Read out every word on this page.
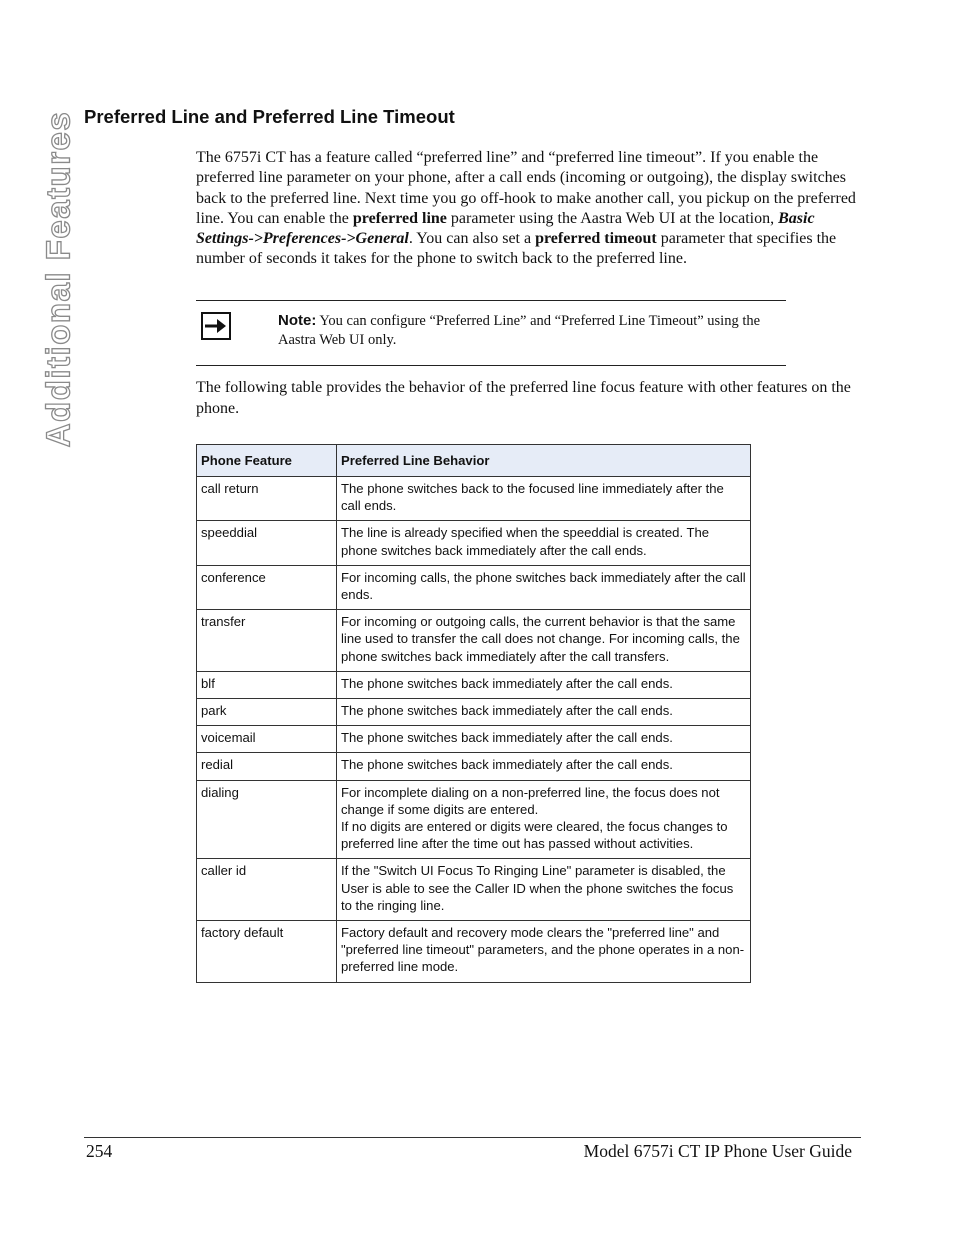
Additional Features Preferred Line and Preferred Line Timeout

The 6757i CT has a feature called “preferred line” and “preferred line timeout”. If you enable the preferred line parameter on your phone, after a call ends (incoming or outgoing), the display switches back to the preferred line. Next time you go off-hook to make another call, you pickup on the preferred line. You can enable the preferred line parameter using the Aastra Web UI at the location, Basic Settings->Preferences->General. You can also set a preferred timeout parameter that specifies the number of seconds it takes for the phone to switch back to the preferred line.

Note: You can configure “Preferred Line” and “Preferred Line Timeout” using the Aastra Web UI only.

The following table provides the behavior of the preferred line focus feature with other features on the phone.

Phone Feature	Preferred Line Behavior
call return	The phone switches back to the focused line immediately after the call ends.
speeddial	The line is already specified when the speeddial is created. The phone switches back immediately after the call ends.
conference	For incoming calls, the phone switches back immediately after the call ends.
transfer	For incoming or outgoing calls, the current behavior is that the same line used to transfer the call does not change. For incoming calls, the phone switches back immediately after the call transfers.
blf	The phone switches back immediately after the call ends.
park	The phone switches back immediately after the call ends.
voicemail	The phone switches back immediately after the call ends.
redial	The phone switches back immediately after the call ends.
dialing	For incomplete dialing on a non-preferred line, the focus does not change if some digits are entered.
If no digits are entered or digits were cleared, the focus changes to preferred line after the time out has passed without activities.

caller id	If the "Switch UI Focus To Ringing Line" parameter is disabled, the User is able to see the Caller ID when the phone switches the focus to the ringing line.
factory default	Factory default and recovery mode clears the "preferred line" and "preferred line timeout" parameters, and the phone operates in a non-preferred line mode.
254	Model 6757i CT IP Phone User Guide
